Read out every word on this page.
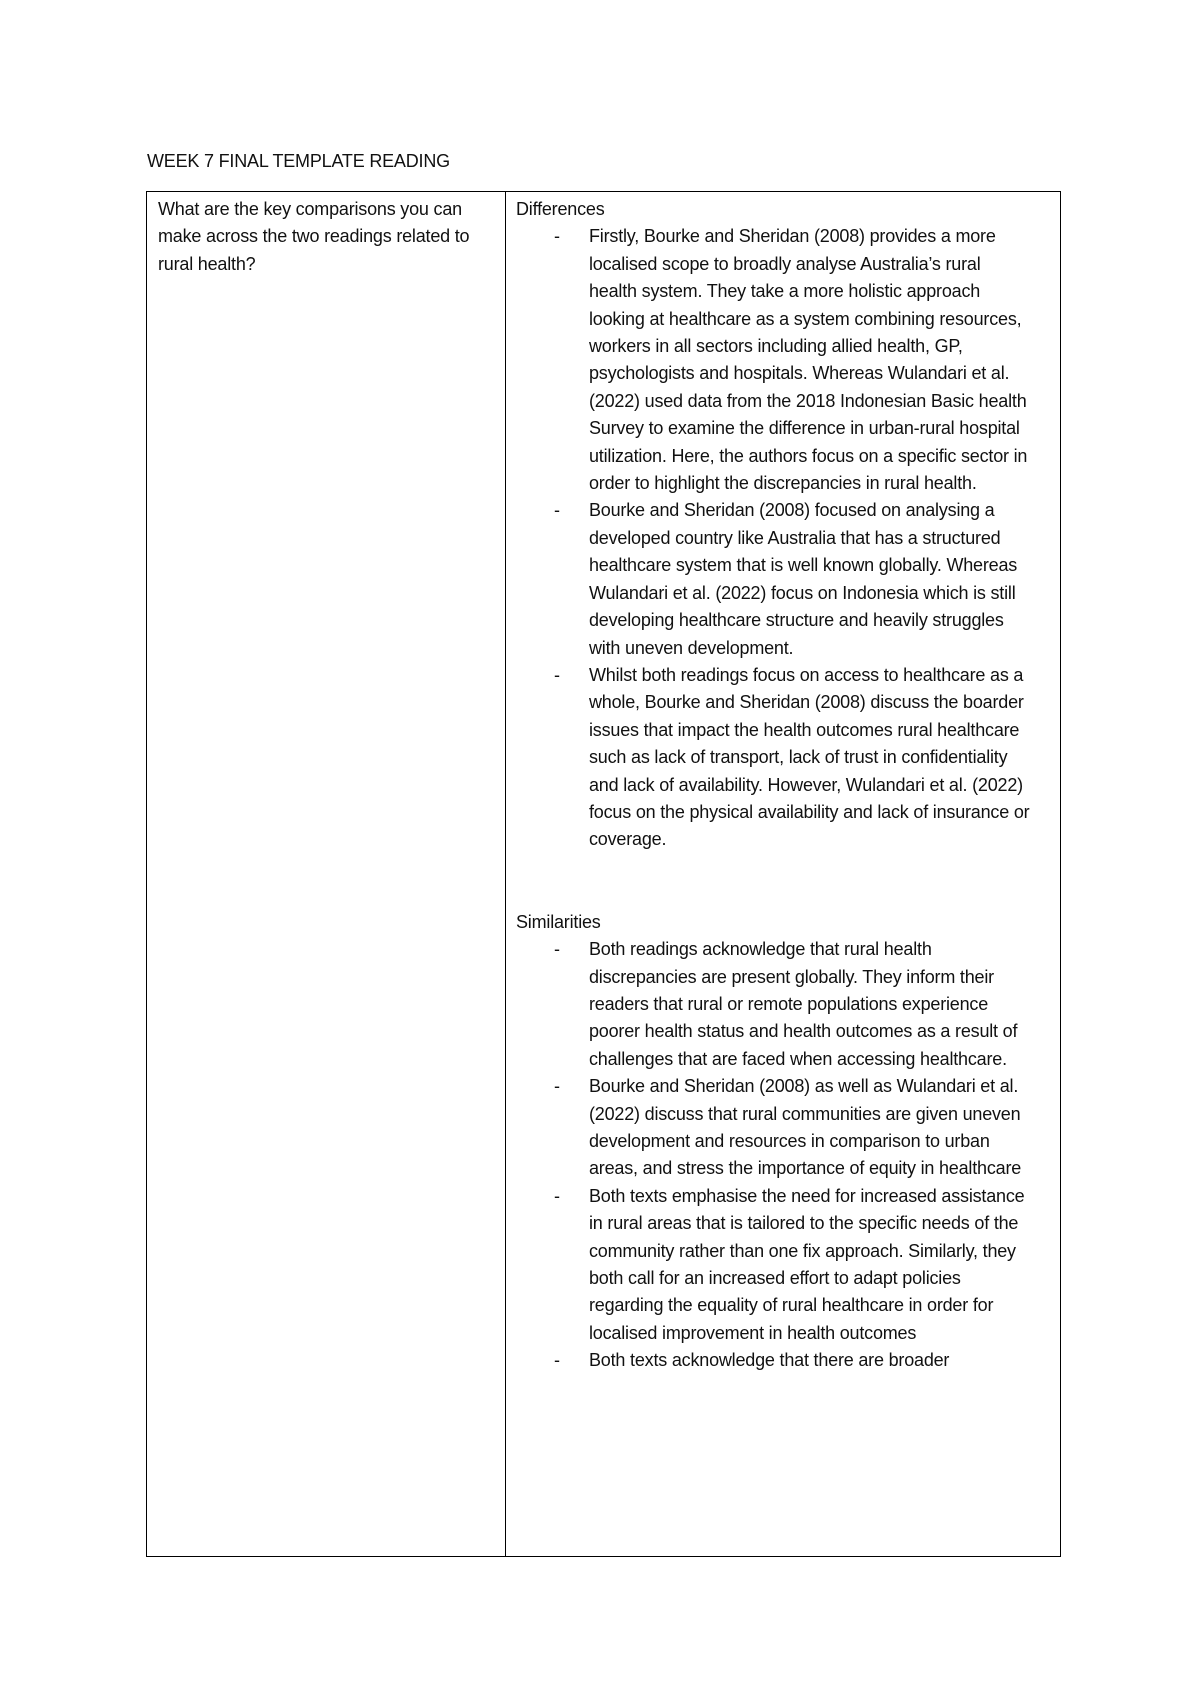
WEEK 7 FINAL TEMPLATE READING
What are the key comparisons you can make across the two readings related to rural health?

Differences
- Firstly, Bourke and Sheridan (2008) provides a more localised scope to broadly analyse Australia’s rural health system. They take a more holistic approach looking at healthcare as a system combining resources, workers in all sectors including allied health, GP, psychologists and hospitals. Whereas Wulandari et al. (2022) used data from the 2018 Indonesian Basic health Survey to examine the difference in urban-rural hospital utilization. Here, the authors focus on a specific sector in order to highlight the discrepancies in rural health.
- Bourke and Sheridan (2008) focused on analysing a developed country like Australia that has a structured healthcare system that is well known globally. Whereas Wulandari et al. (2022) focus on Indonesia which is still developing healthcare structure and heavily struggles with uneven development.
- Whilst both readings focus on access to healthcare as a whole, Bourke and Sheridan (2008) discuss the boarder issues that impact the health outcomes rural healthcare such as lack of transport, lack of trust in confidentiality and lack of availability. However, Wulandari et al. (2022) focus on the physical availability and lack of insurance or coverage.
Similarities
- Both readings acknowledge that rural health discrepancies are present globally. They inform their readers that rural or remote populations experience poorer health status and health outcomes as a result of challenges that are faced when accessing healthcare.
- Bourke and Sheridan (2008) as well as Wulandari et al. (2022) discuss that rural communities are given uneven development and resources in comparison to urban areas, and stress the importance of equity in healthcare
- Both texts emphasise the need for increased assistance in rural areas that is tailored to the specific needs of the community rather than one fix approach. Similarly, they both call for an increased effort to adapt policies regarding the equality of rural healthcare in order for localised improvement in health outcomes
- Both texts acknowledge that there are broader
